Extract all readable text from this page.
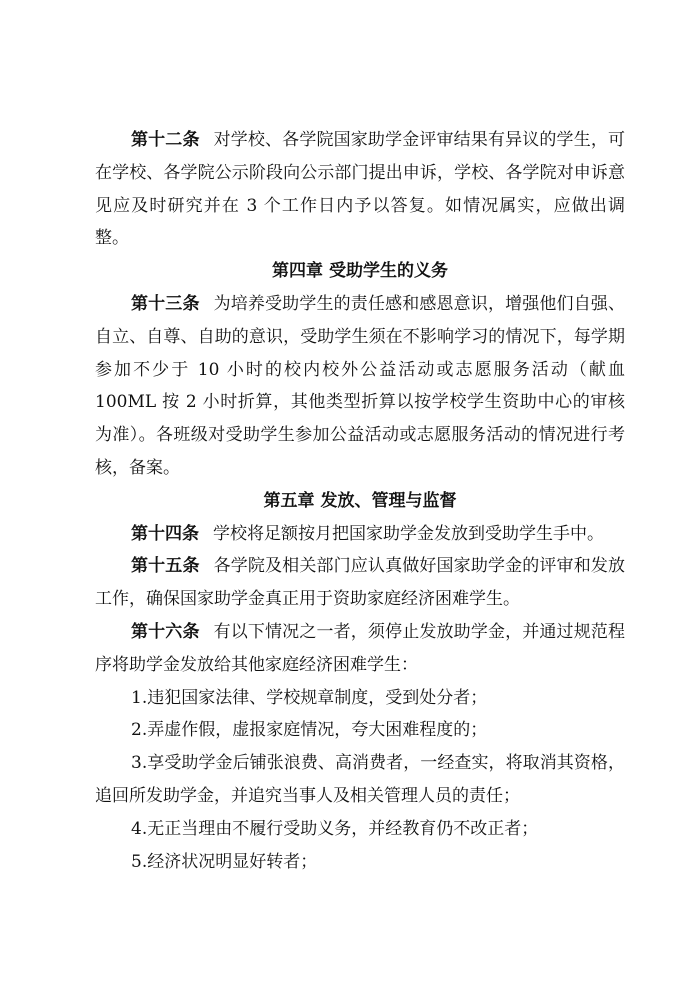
第十二条 对学校、各学院国家助学金评审结果有异议的学生，可在学校、各学院公示阶段向公示部门提出申诉，学校、各学院对申诉意见应及时研究并在 3 个工作日内予以答复。如情况属实，应做出调整。

第四章 受助学生的义务

第十三条 为培养受助学生的责任感和感恩意识，增强他们自强、自立、自尊、自助的意识，受助学生须在不影响学习的情况下，每学期参加不少于 10 小时的校内校外公益活动或志愿服务活动（献血 100ML 按 2 小时折算，其他类型折算以按学校学生资助中心的审核为准）。各班级对受助学生参加公益活动或志愿服务活动的情况进行考核，备案。

第五章 发放、管理与监督

第十四条 学校将足额按月把国家助学金发放到受助学生手中。

第十五条 各学院及相关部门应认真做好国家助学金的评审和发放工作，确保国家助学金真正用于资助家庭经济困难学生。

第十六条 有以下情况之一者，须停止发放助学金，并通过规范程序将助学金发放给其他家庭经济困难学生：

1.违犯国家法律、学校规章制度，受到处分者；

2.弄虚作假，虚报家庭情况，夸大困难程度的；

3.享受助学金后铺张浪费、高消费者，一经查实，将取消其资格，追回所发助学金，并追究当事人及相关管理人员的责任；

4.无正当理由不履行受助义务，并经教育仍不改正者；

5.经济状况明显好转者；
